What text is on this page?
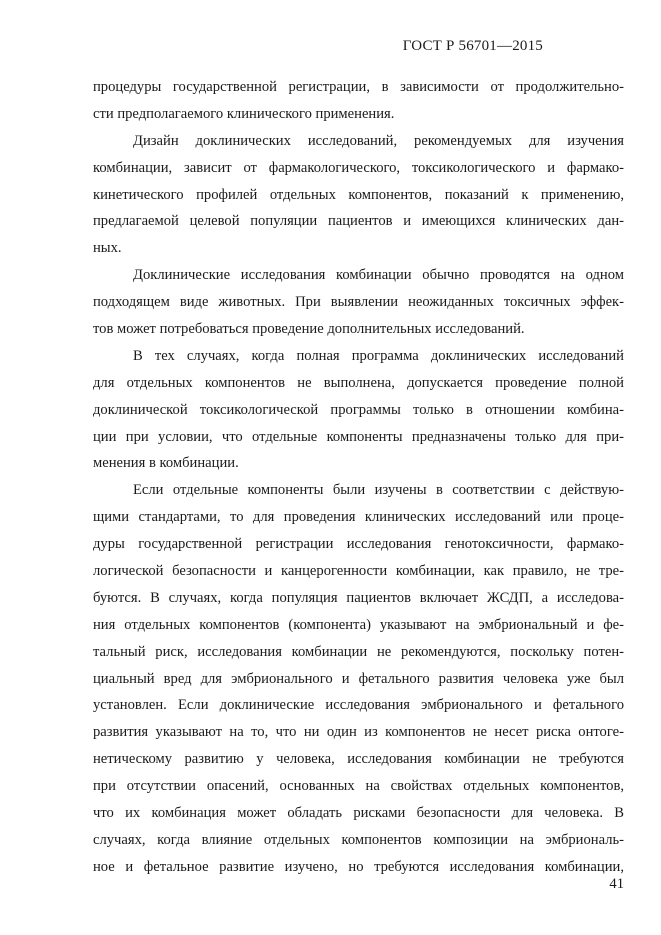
ГОСТ Р 56701—2015
процедуры государственной регистрации, в зависимости от продолжительно-
сти предполагаемого клинического применения.
Дизайн доклинических исследований, рекомендуемых для изучения
комбинации, зависит от фармакологического, токсикологического и фармако-
кинетического профилей отдельных компонентов, показаний к применению,
предлагаемой целевой популяции пациентов и имеющихся клинических дан-
ных.
Доклинические исследования комбинации обычно проводятся на одном
подходящем виде животных. При выявлении неожиданных токсичных эффек-
тов может потребоваться проведение дополнительных исследований.
В тех случаях, когда полная программа доклинических исследований
для отдельных компонентов не выполнена, допускается проведение полной
доклинической токсикологической программы только в отношении комбина-
ции при условии, что отдельные компоненты предназначены только для при-
менения в комбинации.
Если отдельные компоненты были изучены в соответствии с действую-
щими стандартами, то для проведения клинических исследований или проце-
дуры государственной регистрации исследования генотоксичности, фармако-
логической безопасности и канцерогенности комбинации, как правило, не тре-
буются. В случаях, когда популяция пациентов включает ЖСДП, а исследова-
ния отдельных компонентов (компонента) указывают на эмбриональный и фе-
тальный риск, исследования комбинации не рекомендуются, поскольку потен-
циальный вред для эмбрионального и фетального развития человека уже был
установлен. Если доклинические исследования эмбрионального и фетального
развития указывают на то, что ни один из компонентов не несет риска онтоге-
нетическому развитию у человека, исследования комбинации не требуются
при отсутствии опасений, основанных на свойствах отдельных компонентов,
что их комбинация может обладать рисками безопасности для человека. В
случаях, когда влияние отдельных компонентов композиции на эмбриональ-
ное и фетальное развитие изучено, но требуются исследования комбинации,
41
